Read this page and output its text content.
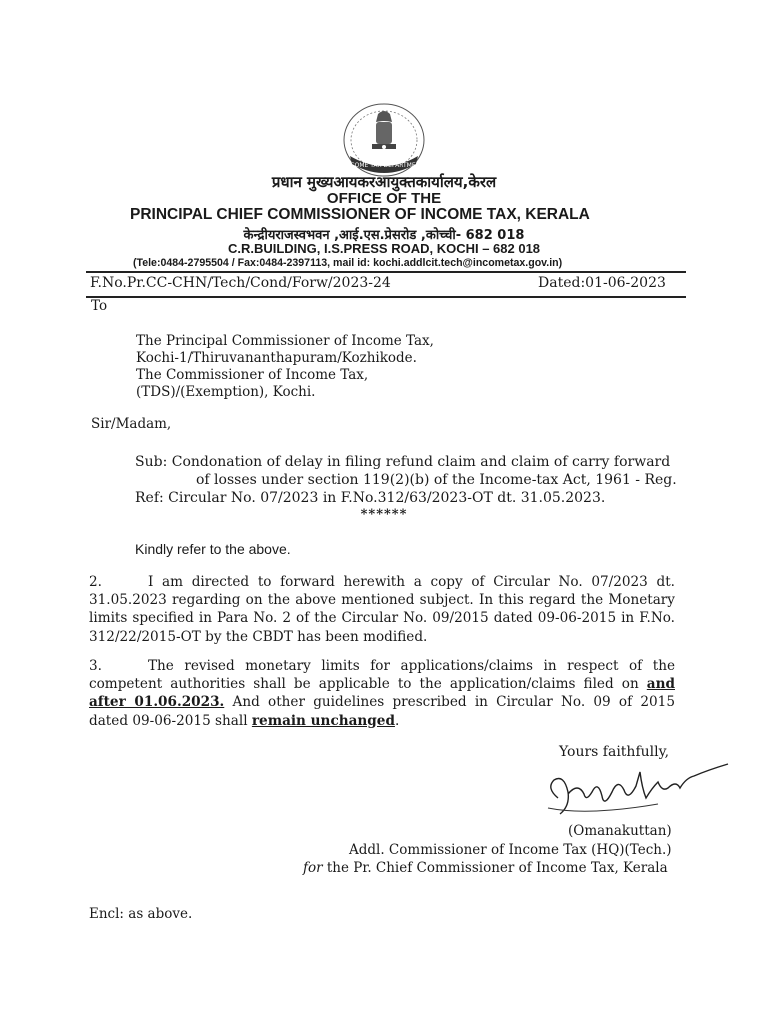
INCOME TAX DEPARTMENT
प्रधान मुख्यआयकरआयुक्तकार्यालय,केरल
OFFICE OF THE
PRINCIPAL CHIEF COMMISSIONER OF INCOME TAX, KERALA
केन्द्रीयराजस्वभवन ,आई.एस.प्रेसरोड ,कोच्ची- 682 018
C.R.BUILDING, I.S.PRESS ROAD, KOCHI – 682 018
(Tele:0484-2795504 / Fax:0484-2397113, mail id: kochi.addlcit.tech@incometax.gov.in)
F.No.Pr.CC-CHN/Tech/Cond/Forw/2023-24	Dated:01-06-2023
To
The Principal Commissioner of Income Tax,
Kochi-1/Thiruvananthapuram/Kozhikode.
The Commissioner of Income Tax,
(TDS)/(Exemption), Kochi.
Sir/Madam,
Sub: Condonation of delay in filing refund claim and claim of carry forward
of losses under section 119(2)(b) of the Income-tax Act, 1961 - Reg.
Ref: Circular No. 07/2023 in F.No.312/63/2023-OT dt. 31.05.2023.
******
Kindly refer to the above.
2.	I am directed to forward herewith a copy of Circular No. 07/2023 dt. 31.05.2023 regarding on the above mentioned subject. In this regard the Monetary limits specified in Para No. 2 of the Circular No. 09/2015 dated 09-06-2015 in F.No. 312/22/2015-OT by the CBDT has been modified.
3.	The revised monetary limits for applications/claims in respect of the competent authorities shall be applicable to the application/claims filed on and after 01.06.2023. And other guidelines prescribed in Circular No. 09 of 2015 dated 09-06-2015 shall remain unchanged.
Yours faithfully,
(Omanakuttan)
Addl. Commissioner of Income Tax (HQ)(Tech.)
for the Pr. Chief Commissioner of Income Tax, Kerala
Encl: as above.
